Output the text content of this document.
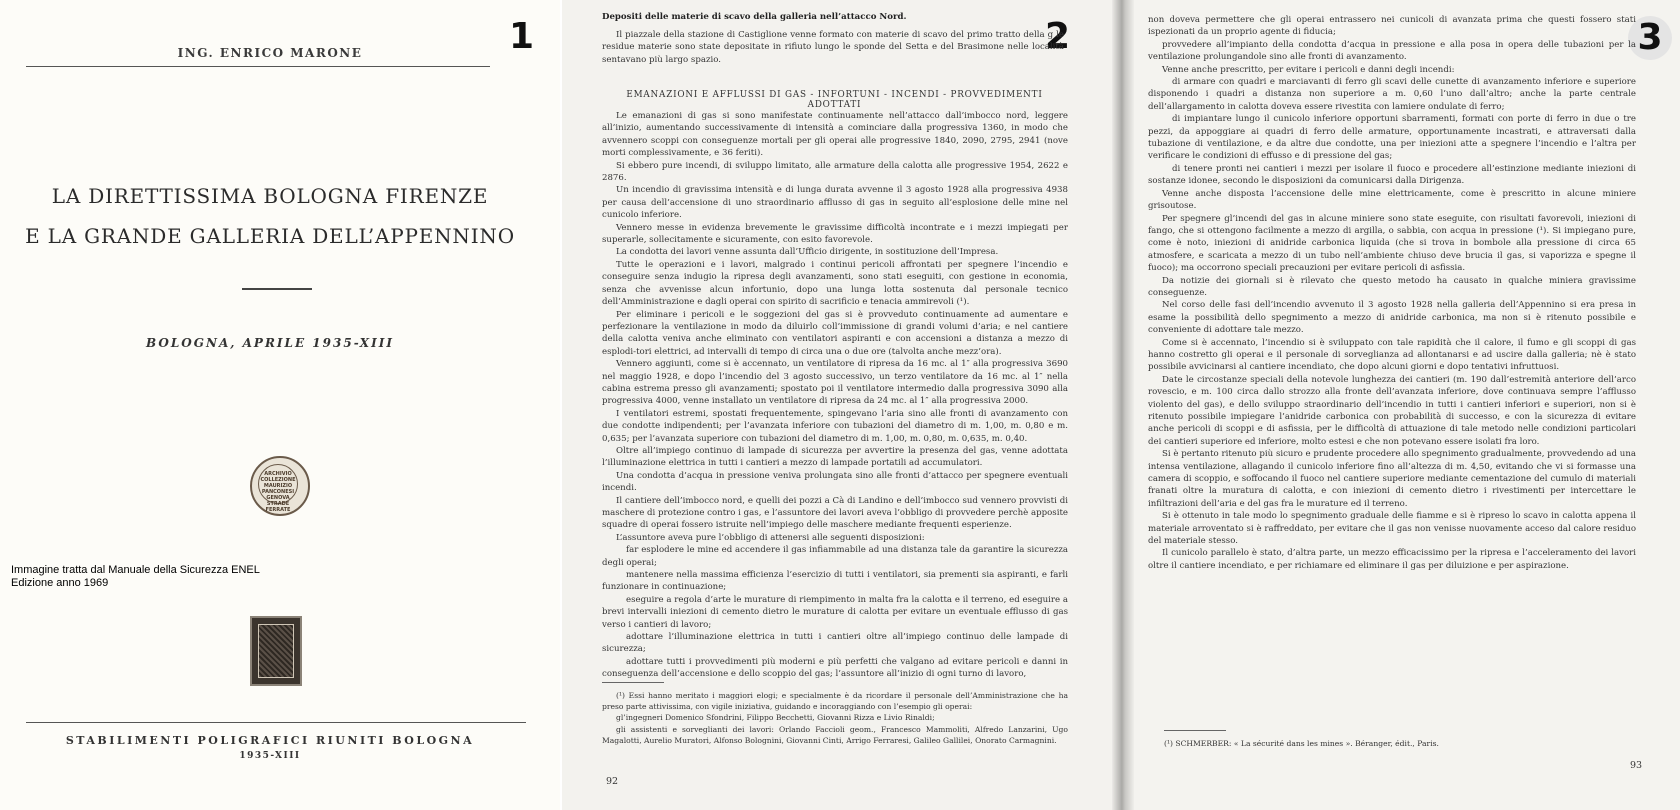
1
ING. ENRICO MARONE
LA DIRETTISSIMA BOLOGNA FIRENZE
E LA GRANDE GALLERIA DELL’APPENNINO
BOLOGNA, APRILE 1935-XIII
ARCHIVIO COLLEZIONE MAURIZIO PANCONESI GENOVA STRADE FERRATE
Immagine tratta dal Manuale della Sicurezza ENEL
Edizione anno 1969
STABILIMENTI POLIGRAFICI RIUNITI BOLOGNA
1935-XIII
2
Depositi delle materie di scavo della galleria nell’attacco Nord.

Il piazzale della stazione di Castiglione venne formato con materie di scavo del primo tratto della g le residue materie sono state depositate in rifiuto lungo le sponde del Setta e del Brasimone nelle località sentavano più largo spazio.

EMANAZIONI E AFFLUSSI DI GAS - INFORTUNI - INCENDI - PROVVEDIMENTI ADOTTATI

Le emanazioni di gas si sono manifestate continuamente nell’attacco dall’imbocco nord, leggere all’inizio, aumentando successivamente di intensità a cominciare dalla progressiva 1360, in modo che avvennero scoppi con conseguenze mortali per gli operai alle progressive 1840, 2090, 2795, 2941 (nove morti complessivamente, e 36 feriti).

Si ebbero pure incendi, di sviluppo limitato, alle armature della calotta alle progressive 1954, 2622 e 2876.

Un incendio di gravissima intensità e di lunga durata avvenne il 3 agosto 1928 alla progressiva 4938 per causa dell’accensione di uno straordinario afflusso di gas in seguito all’esplosione delle mine nel cunicolo inferiore.

Vennero messe in evidenza brevemente le gravissime difficoltà incontrate e i mezzi impiegati per superarle, sollecitamente e sicuramente, con esito favorevole.

La condotta dei lavori venne assunta dall’Ufficio dirigente, in sostituzione dell’Impresa.

Tutte le operazioni e i lavori, malgrado i continui pericoli affrontati per spegnere l’incendio e conseguire senza indugio la ripresa degli avanzamenti, sono stati eseguiti, con gestione in economia, senza che avvenisse alcun infortunio, dopo una lunga lotta sostenuta dal personale tecnico dell’Amministrazione e dagli operai con spirito di sacrificio e tenacia ammirevoli (¹).

Per eliminare i pericoli e le soggezioni del gas si è provveduto continuamente ad aumentare e perfezionare la ventilazione in modo da diluirlo coll’immissione di grandi volumi d’aria; e nel cantiere della calotta veniva anche eliminato con ventilatori aspiranti e con accensioni a distanza a mezzo di esplodi-tori elettrici, ad intervalli di tempo di circa una o due ore (talvolta anche mezz’ora).

Vennero aggiunti, come si è accennato, un ventilatore di ripresa da 16 mc. al 1″ alla progressiva 3690 nel maggio 1928, e dopo l’incendio del 3 agosto successivo, un terzo ventilatore da 16 mc. al 1″ nella cabina estrema presso gli avanzamenti; spostato poi il ventilatore intermedio dalla progressiva 3090 alla progressiva 4000, venne installato un ventilatore di ripresa da 24 mc. al 1″ alla progressiva 2000.

I ventilatori estremi, spostati frequentemente, spingevano l’aria sino alle fronti di avanzamento con due condotte indipendenti; per l’avanzata inferiore con tubazioni del diametro di m. 1,00, m. 0,80 e m. 0,635; per l’avanzata superiore con tubazioni del diametro di m. 1,00, m. 0,80, m. 0,635, m. 0,40.

Oltre all’impiego continuo di lampade di sicurezza per avvertire la presenza del gas, venne adottata l’illuminazione elettrica in tutti i cantieri a mezzo di lampade portatili ad accumulatori.

Una condotta d’acqua in pressione veniva prolungata sino alle fronti d’attacco per spegnere eventuali incendi.

Il cantiere dell’imbocco nord, e quelli dei pozzi a Cà di Landino e dell’imbocco sud vennero provvisti di maschere di protezione contro i gas, e l’assuntore dei lavori aveva l’obbligo di provvedere perchè apposite squadre di operai fossero istruite nell’impiego delle maschere mediante frequenti esperienze.

L’assuntore aveva pure l’obbligo di attenersi alle seguenti disposizioni:

far esplodere le mine ed accendere il gas infiammabile ad una distanza tale da garantire la sicurezza degli operai;

mantenere nella massima efficienza l’esercizio di tutti i ventilatori, sia prementi sia aspiranti, e farli funzionare in continuazione;

eseguire a regola d’arte le murature di riempimento in malta fra la calotta e il terreno, ed eseguire a brevi intervalli iniezioni di cemento dietro le murature di calotta per evitare un eventuale efflusso di gas verso i cantieri di lavoro;

adottare l’illuminazione elettrica in tutti i cantieri oltre all’impiego continuo delle lampade di sicurezza;

adottare tutti i provvedimenti più moderni e più perfetti che valgano ad evitare pericoli e danni in conseguenza dell’accensione e dello scoppio del gas; l’assuntore all’inizio di ogni turno di lavoro,

(¹) Essi hanno meritato i maggiori elogi; e specialmente è da ricordare il personale dell’Amministrazione che ha preso parte attivissima, con vigile iniziativa, guidando e incoraggiando con l’esempio gli operai:

gl’ingegneri Domenico Sfondrini, Filippo Becchetti, Giovanni Rizza e Livio Rinaldi;

gli assistenti e sorveglianti dei lavori: Orlando Faccioli geom., Francesco Mammoliti, Alfredo Lanzarini, Ugo Magalotti, Aurelio Muratori, Alfonso Bolognini, Giovanni Cinti, Arrigo Ferraresi, Galileo Gallilei, Onorato Carmagnini.

92
3

non doveva permettere che gli operai entrassero nei cunicoli di avanzata prima che questi fossero stati ispezionati da un proprio agente di fiducia;

provvedere all’impianto della condotta d’acqua in pressione e alla posa in opera delle tubazioni per la ventilazione prolungandole sino alle fronti di avanzamento.

Venne anche prescritto, per evitare i pericoli e danni degli incendi:

di armare con quadri e marciavanti di ferro gli scavi delle cunette di avanzamento inferiore e superiore disponendo i quadri a distanza non superiore a m. 0,60 l’uno dall’altro; anche la parte centrale dell’allargamento in calotta doveva essere rivestita con lamiere ondulate di ferro;

di impiantare lungo il cunicolo inferiore opportuni sbarramenti, formati con porte di ferro in due o tre pezzi, da appoggiare ai quadri di ferro delle armature, opportunamente incastrati, e attraversati dalla tubazione di ventilazione, e da altre due condotte, una per iniezioni atte a spegnere l’incendio e l’altra per verificare le condizioni di effusso e di pressione del gas;

di tenere pronti nei cantieri i mezzi per isolare il fuoco e procedere all’estinzione mediante iniezioni di sostanze idonee, secondo le disposizioni da comunicarsi dalla Dirigenza.

Venne anche disposta l’accensione delle mine elettricamente, come è prescritto in alcune miniere grisoutose.

Per spegnere gl’incendi del gas in alcune miniere sono state eseguite, con risultati favorevoli, iniezioni di fango, che si ottengono facilmente a mezzo di argilla, o sabbia, con acqua in pressione (¹). Si impiegano pure, come è noto, iniezioni di anidride carbonica liquida (che si trova in bombole alla pressione di circa 65 atmosfere, e scaricata a mezzo di un tubo nell’ambiente chiuso deve brucia il gas, si vaporizza e spegne il fuoco); ma occorrono speciali precauzioni per evitare pericoli di asfissia.

Da notizie dei giornali si è rilevato che questo metodo ha causato in qualche miniera gravissime conseguenze.

Nel corso delle fasi dell’incendio avvenuto il 3 agosto 1928 nella galleria dell’Appennino si era presa in esame la possibilità dello spegnimento a mezzo di anidride carbonica, ma non si è ritenuto possibile e conveniente di adottare tale mezzo.

Come si è accennato, l’incendio si è sviluppato con tale rapidità che il calore, il fumo e gli scoppi di gas hanno costretto gli operai e il personale di sorveglianza ad allontanarsi e ad uscire dalla galleria; nè è stato possibile avvicinarsi al cantiere incendiato, che dopo alcuni giorni e dopo tentativi infruttuosi.

Date le circostanze speciali della notevole lunghezza dei cantieri (m. 190 dall’estremità anteriore dell’arco rovescio, e m. 100 circa dallo strozzo alla fronte dell’avanzata inferiore, dove continuava sempre l’afflusso violento del gas), e dello sviluppo straordinario dell’incendio in tutti i cantieri inferiori e superiori, non si è ritenuto possibile impiegare l’anidride carbonica con probabilità di successo, e con la sicurezza di evitare anche pericoli di scoppi e di asfissia, per le difficoltà di attuazione di tale metodo nelle condizioni particolari dei cantieri superiore ed inferiore, molto estesi e che non potevano essere isolati fra loro.

Si è pertanto ritenuto più sicuro e prudente procedere allo spegnimento gradualmente, provvedendo ad una intensa ventilazione, allagando il cunicolo inferiore fino all’altezza di m. 4,50, evitando che vi si formasse una camera di scoppio, e soffocando il fuoco nel cantiere superiore mediante cementazione del cumulo di materiali franati oltre la muratura di calotta, e con iniezioni di cemento dietro i rivestimenti per intercettare le infiltrazioni dell’aria e del gas fra le murature ed il terreno.

Si è ottenuto in tale modo lo spegnimento graduale delle fiamme e si è ripreso lo scavo in calotta appena il materiale arroventato si è raffreddato, per evitare che il gas non venisse nuovamente acceso dal calore residuo del materiale stesso.

Il cunicolo parallelo è stato, d’altra parte, un mezzo efficacissimo per la ripresa e l’acceleramento dei lavori oltre il cantiere incendiato, e per richiamare ed eliminare il gas per diluizione e per aspirazione.

(¹) SCHMERBER: « La sécurité dans les mines ». Béranger, édit., Paris.
93
